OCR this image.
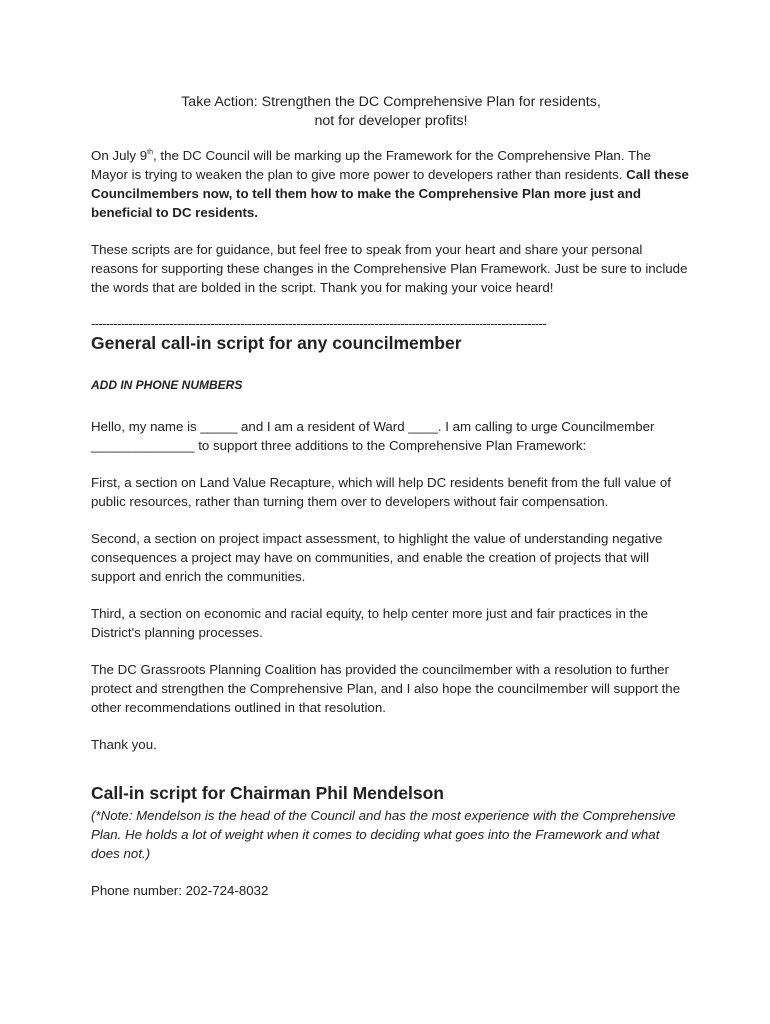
Take Action: Strengthen the DC Comprehensive Plan for residents,
not for developer profits!

On July 9th, the DC Council will be marking up the Framework for the Comprehensive Plan. The Mayor is trying to weaken the plan to give more power to developers rather than residents. Call these Councilmembers now, to tell them how to make the Comprehensive Plan more just and beneficial to DC residents.

These scripts are for guidance, but feel free to speak from your heart and share your personal reasons for supporting these changes in the Comprehensive Plan Framework. Just be sure to include the words that are bolded in the script. Thank you for making your voice heard!

--------------------------------------------------------------------------------------------------------------------------
General call-in script for any councilmember
ADD IN PHONE NUMBERS

Hello, my name is _____ and I am a resident of Ward ____. I am calling to urge Councilmember ______________ to support three additions to the Comprehensive Plan Framework:

First, a section on Land Value Recapture, which will help DC residents benefit from the full value of public resources, rather than turning them over to developers without fair compensation.

Second, a section on project impact assessment, to highlight the value of understanding negative consequences a project may have on communities, and enable the creation of projects that will support and enrich the communities.

Third, a section on economic and racial equity, to help center more just and fair practices in the District's planning processes.

The DC Grassroots Planning Coalition has provided the councilmember with a resolution to further protect and strengthen the Comprehensive Plan, and I also hope the councilmember will support the other recommendations outlined in that resolution.

Thank you.

Call-in script for Chairman Phil Mendelson

(*Note: Mendelson is the head of the Council and has the most experience with the Comprehensive Plan. He holds a lot of weight when it comes to deciding what goes into the Framework and what does not.)

Phone number: 202-724-8032
